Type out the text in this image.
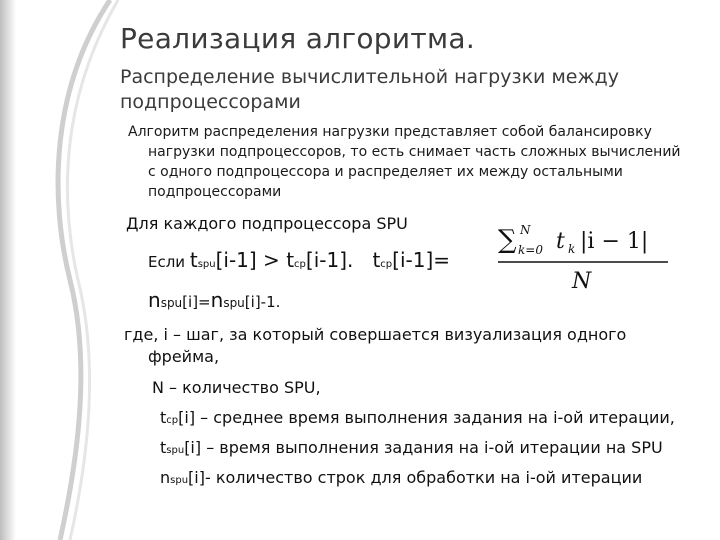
Реализация алгоритма.
Распределение вычислительной нагрузки между подпроцессорами

Алгоритм распределения нагрузки представляет собой балансировку
нагрузки подпроцессоров, то есть снимает часть сложных вычислений с одного подпроцессора и распределяет их между остальными подпроцессорами

Для каждого подпроцессора SPU

Если tspu[i-1] > tcp[i-1]. tcp[i-1]=

∑ N
k=0 t k |i − 1|
N

nspu[i]=nspu[i]-1.

где, i – шаг, за который совершается визуализация одного
фрейма,

N – количество SPU,

tcp[i] – среднее время выполнения задания на i-ой итерации,

tspu[i] – время выполнения задания на i-ой итерации на SPU

nspu[i]- количество строк для обработки на i-ой итерации
